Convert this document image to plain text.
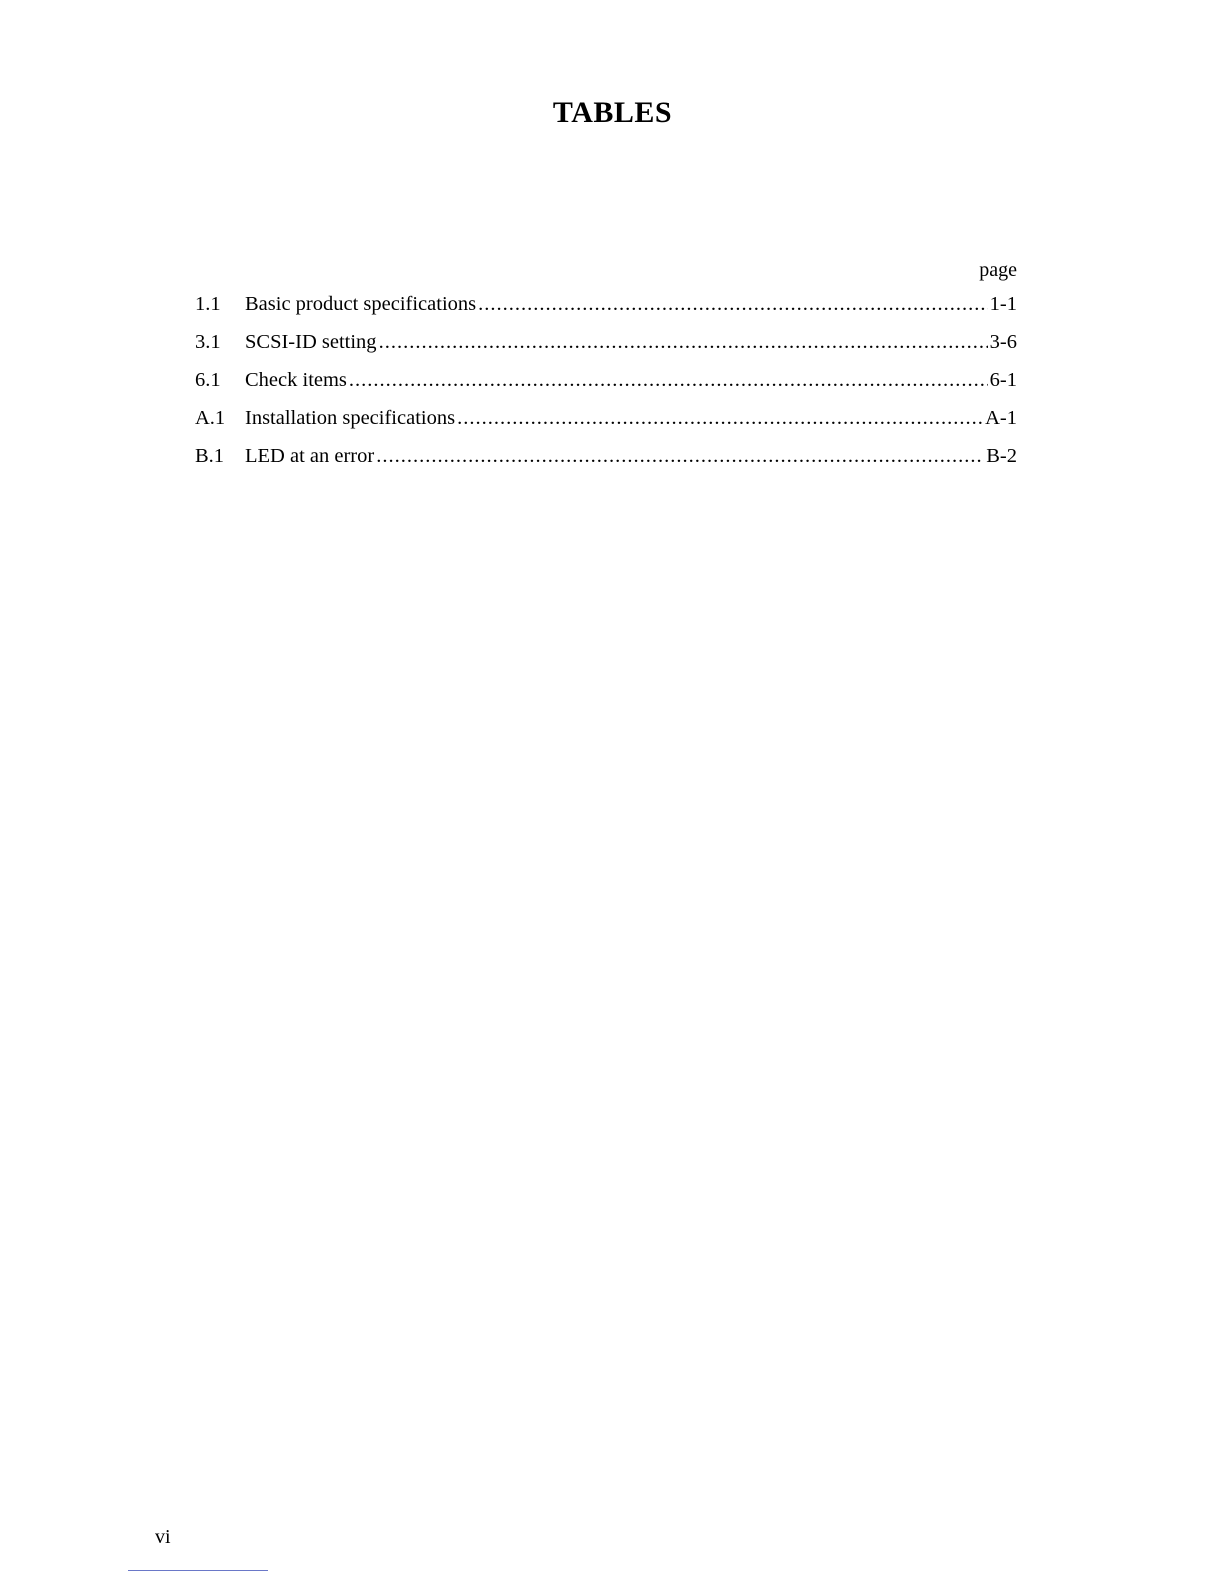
TABLES
page
1.1	Basic product specifications .....	1-1
3.1	SCSI-ID setting .....	3-6
6.1	Check items .....	6-1
A.1 Installation specifications .....	A-1
B.1	LED at an error .....	B-2
vi
